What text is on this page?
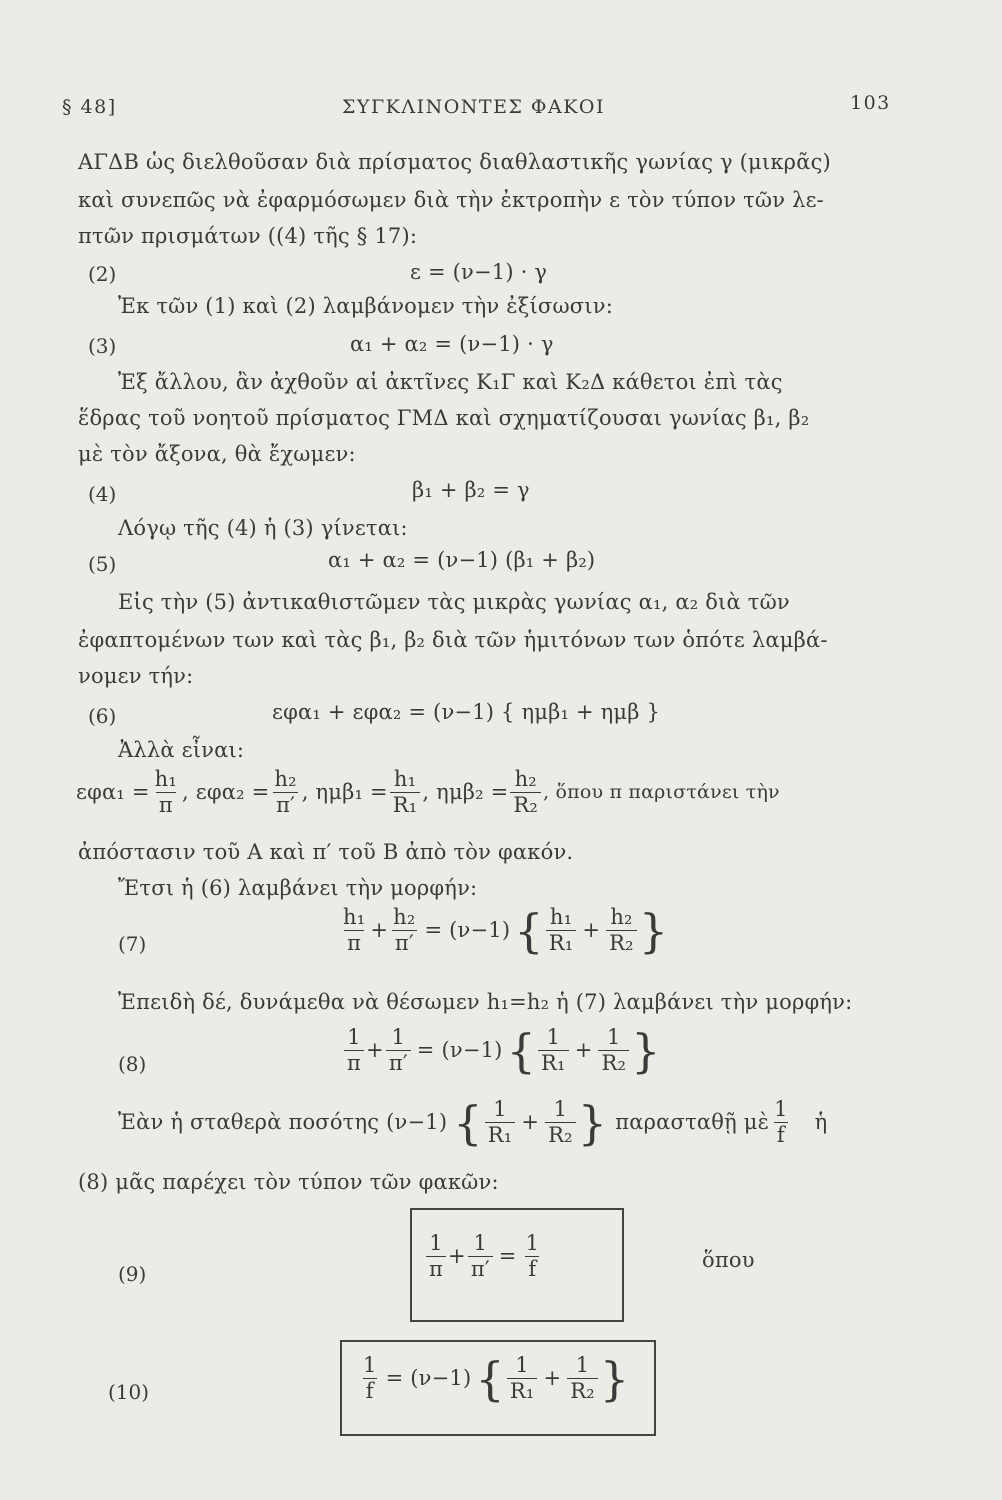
§ 48]	ΣΥΓΚΛΙΝΟΝΤΕΣ ΦΑΚΟΙ	103
ΑΓΔΒ ὡς διελθοῦσαν διὰ πρίσματος διαθλαστικῆς γωνίας γ (μικρᾶς)
καὶ συνεπῶς νὰ ἐφαρμόσωμεν διὰ τὴν ἐκτροπὴν ε τὸν τύπον τῶν λε-
πτῶν πρισμάτων ((4) τῆς § 17):
(2)	ε = (ν−1) · γ
Ἐκ τῶν (1) καὶ (2) λαμβάνομεν τὴν ἐξίσωσιν:
(3)	α₁ + α₂ = (ν−1) · γ
Ἐξ ἄλλου, ἂν ἀχθοῦν αἱ ἀκτῖνες Κ₁Γ καὶ Κ₂Δ κάθετοι ἐπὶ τὰς
ἕδρας τοῦ νοητοῦ πρίσματος ΓΜΔ καὶ σχηματίζουσαι γωνίας β₁, β₂
μὲ τὸν ἄξονα, θὰ ἔχωμεν:
(4)	β₁ + β₂ = γ
Λόγῳ τῆς (4) ἡ (3) γίνεται:
(5)	α₁ + α₂ = (ν−1) (β₁ + β₂)
Εἰς τὴν (5) ἀντικαθιστῶμεν τὰς μικρὰς γωνίας α₁, α₂ διὰ τῶν
ἐφαπτομένων των καὶ τὰς β₁, β₂ διὰ τῶν ἡμιτόνων των ὁπότε λαμβά-
νομεν τήν:
(6)	εφα₁ + εφα₂ = (ν−1) { ημβ₁ + ημβ }
Ἀλλὰ εἶναι:
$\varepsilon\varphi\alpha_1 = \frac{\text{h₁}}{\pi}$ , $\varepsilon\varphi\alpha_2 = \frac{\text{h₂}}{\pi'}$ , $\eta\mu\beta_1 = \frac{\text{h₁}}{\text{R₁}}$ , $\eta\mu\beta_2 = \frac{\text{h₂}}{\text{R₂}}$ , ὅπου π παριστάνει τὴν
ἀπόστασιν τοῦ Α καὶ π′ τοῦ Β ἀπὸ τὸν φακόν.
Ἔτσι ἡ (6) λαμβάνει τὴν μορφήν:
(7)	$\frac{\text{h₁}}{\pi} + \frac{\text{h₂}}{\pi'} = (\nu-1)$ { $\frac{\text{h₁}}{\text{R₁}} + \frac{\text{h₂}}{\text{R₂}}$ }
Ἐπειδὴ δέ, δυνάμεθα νὰ θέσωμεν h₁=h₂ ἡ (7) λαμβάνει τὴν μορφήν:
(8)	$\frac{1}{\pi} + \frac{1}{\pi'} = (\nu-1)$ { $\frac{1}{\text{R₁}} + \frac{1}{\text{R₂}}$ }
Ἐὰν ἡ σταθερὰ ποσότης (ν−1) { $\frac{1}{\text{R₁}} + \frac{1}{\text{R₂}}$ } παρασταθῇ μὲ $\frac{1}{f}$ ἡ
(8) μᾶς παρέχει τὸν τύπον τῶν φακῶν:
(9)	$\frac{1}{\pi} + \frac{1}{\pi'} = \frac{1}{f}$	ὅπου
(10)	$\frac{1}{f} = (\nu-1)$ { $\frac{1}{\text{R₁}} + \frac{1}{\text{R₂}}$ }
